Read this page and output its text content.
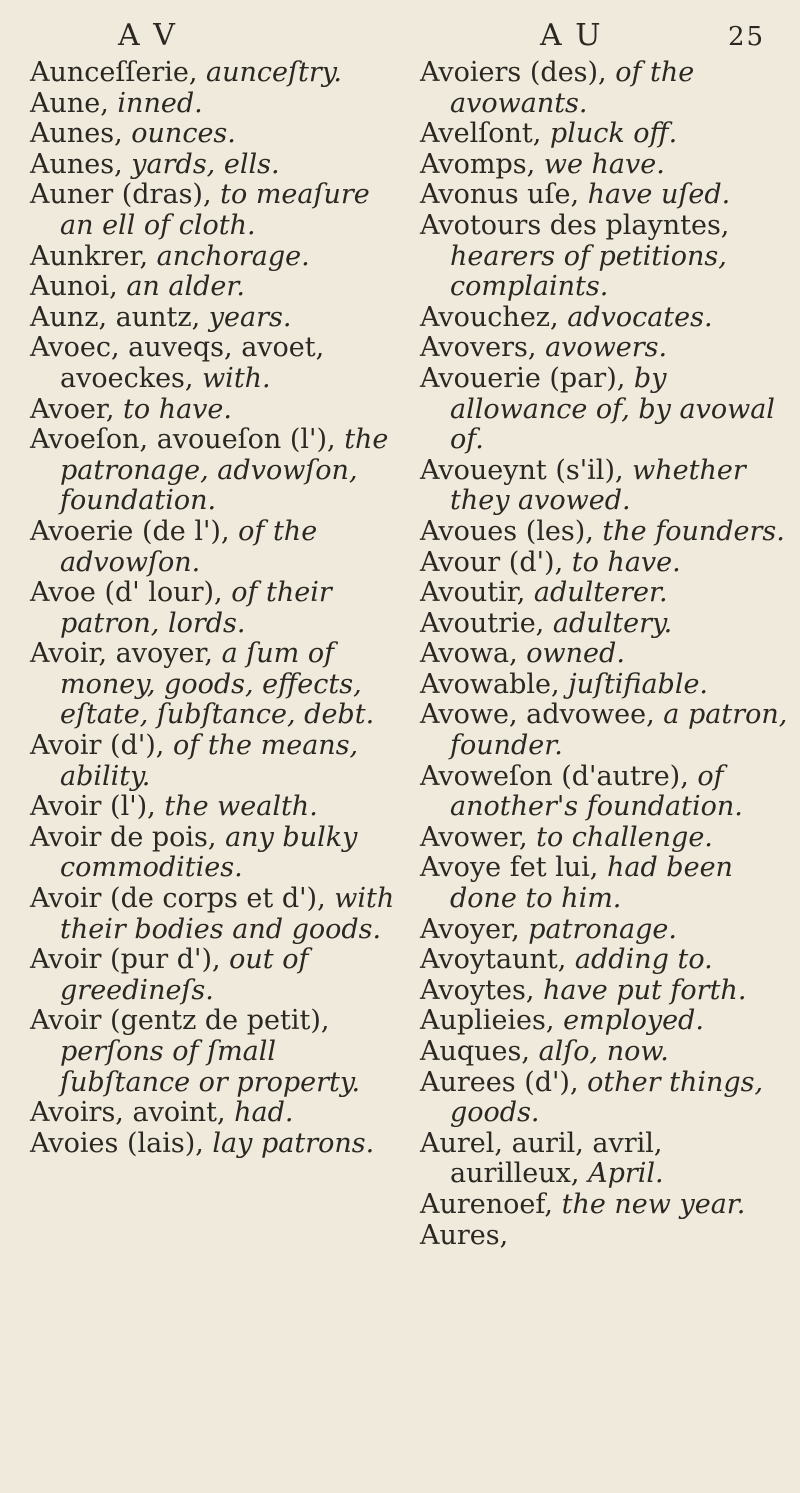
A V	A U	25

Aunceſſerie, aunceſtry.

Aune, inned.

Aunes, ounces.

Aunes, yards, ells.

Auner (dras), to meaſure an ell of cloth.

Aunkrer, anchorage.

Aunoi, an alder.

Aunz, auntz, years.

Avoec, auveqs, avoet, avoeckes, with.

Avoer, to have.

Avoeſon, avoueſon (l'), the patronage, advowſon, foundation.

Avoerie (de l'), of the advowſon.

Avoe (d' lour), of their patron, lords.

Avoir, avoyer, a ſum of money, goods, effects, eſtate, ſubſtance, debt.

Avoir (d'), of the means, ability.

Avoir (l'), the wealth.

Avoir de pois, any bulky commodities.

Avoir (de corps et d'), with their bodies and goods.

Avoir (pur d'), out of greedineſs.

Avoir (gentz de petit), perſons of ſmall ſubſtance or property.

Avoirs, avoint, had.

Avoies (lais), lay patrons.

Avoiers (des), of the avowants.

Avelſont, pluck off.

Avomps, we have.

Avonus uſe, have uſed.

Avotours des playntes, hearers of petitions, complaints.

Avouchez, advocates.

Avovers, avowers.

Avouerie (par), by allowance of, by avowal of.

Avoueynt (s'il), whether they avowed.

Avoues (les), the founders.

Avour (d'), to have.

Avoutir, adulterer.

Avoutrie, adultery.

Avowa, owned.

Avowable, juſtifiable.

Avowe, advowee, a patron, founder.

Avoweſon (d'autre), of another's foundation.

Avower, to challenge.

Avoye fet lui, had been done to him.

Avoyer, patronage.

Avoytaunt, adding to.

Avoytes, have put forth.

Auplieies, employed.

Auques, alſo, now.

Aurees (d'), other things, goods.

Aurel, auril, avril, aurilleux, April.

Aurenoef, the new year.

Aures,
